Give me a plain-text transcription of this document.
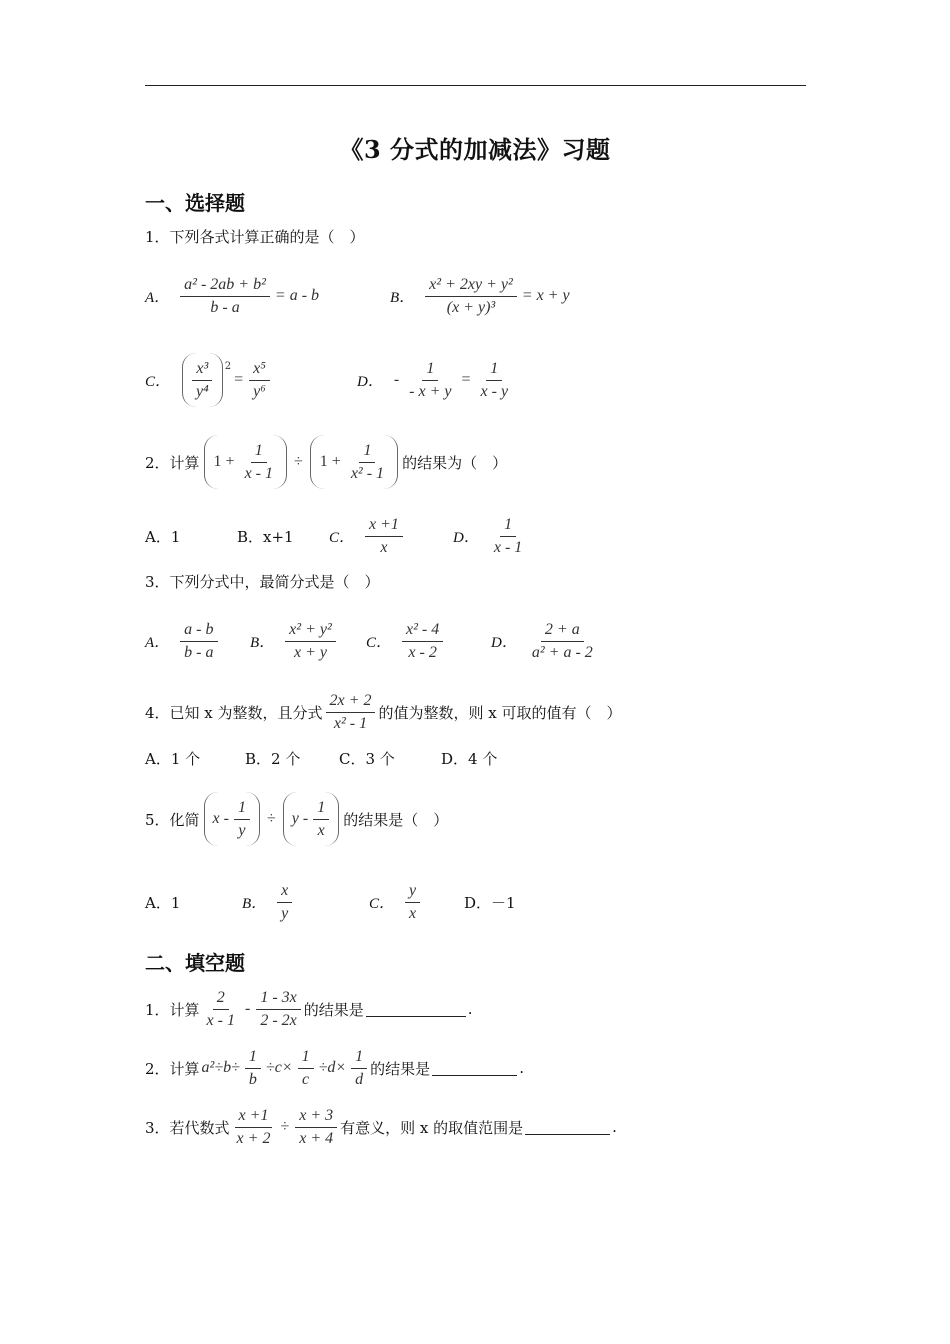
《3 分式的加减法》习题
一、选择题
1．下列各式计算正确的是（　）
A． $\frac{\text{a² - 2ab + b²}}{b - a} = a - b$	B． $\frac{\text{x² + 2xy + y²}}{\text{(x + y)³}} = x + y$
C． $\frac{\text{x³}}{\text{y⁴}} 2$
= $\frac{\text{x⁵}}{\text{y⁶}}$	D． - $\frac{1}{- x + y} = \frac{1}{x - y}$
2．计算 $1 + \frac{1}{x - 1} \div 1 + \frac{1}{\text{x² - 1}}$ 的结果为（　）
A．1	B．x+1	C． $\frac{x +1}{x}$	D． $\frac{1}{x - 1}$
3．下列分式中，最简分式是（　）
A． $\frac{a - b}{b - a}$ B． $\frac{\text{x² + y²}}{x + y}$ C． $\frac{\text{x² - 4}}{x - 2}$	D． $\frac{2 + a}{\text{a² + a - 2}}$
4．已知 x 为整数，且分式 $\frac{2x + 2}{\text{x² - 1}}$ 的值为整数，则 x 可取的值有（　）
A．1 个	B．2 个	C．3 个	D．4 个
5．化简 $x - \frac{1}{y} \div y - \frac{1}{x}$ 的结果是（　）
A．1	B． $\frac{x}{y}$	C． $\frac{y}{x}$	D．－1
二、填空题
1．计算 $\frac{2}{x - 1} - \frac{1 - 3x}{2 - 2x}$ 的结果是	.
2．计算 $a^2\div b\div \frac{1}{b} \div c\times \frac{1}{c} \div d\times \frac{1}{d}$ 的结果是	.
3．若代数式 $\frac{x +1}{x + 2} \div \frac{x + 3}{x + 4}$ 有意义，则 x 的取值范围是	.
